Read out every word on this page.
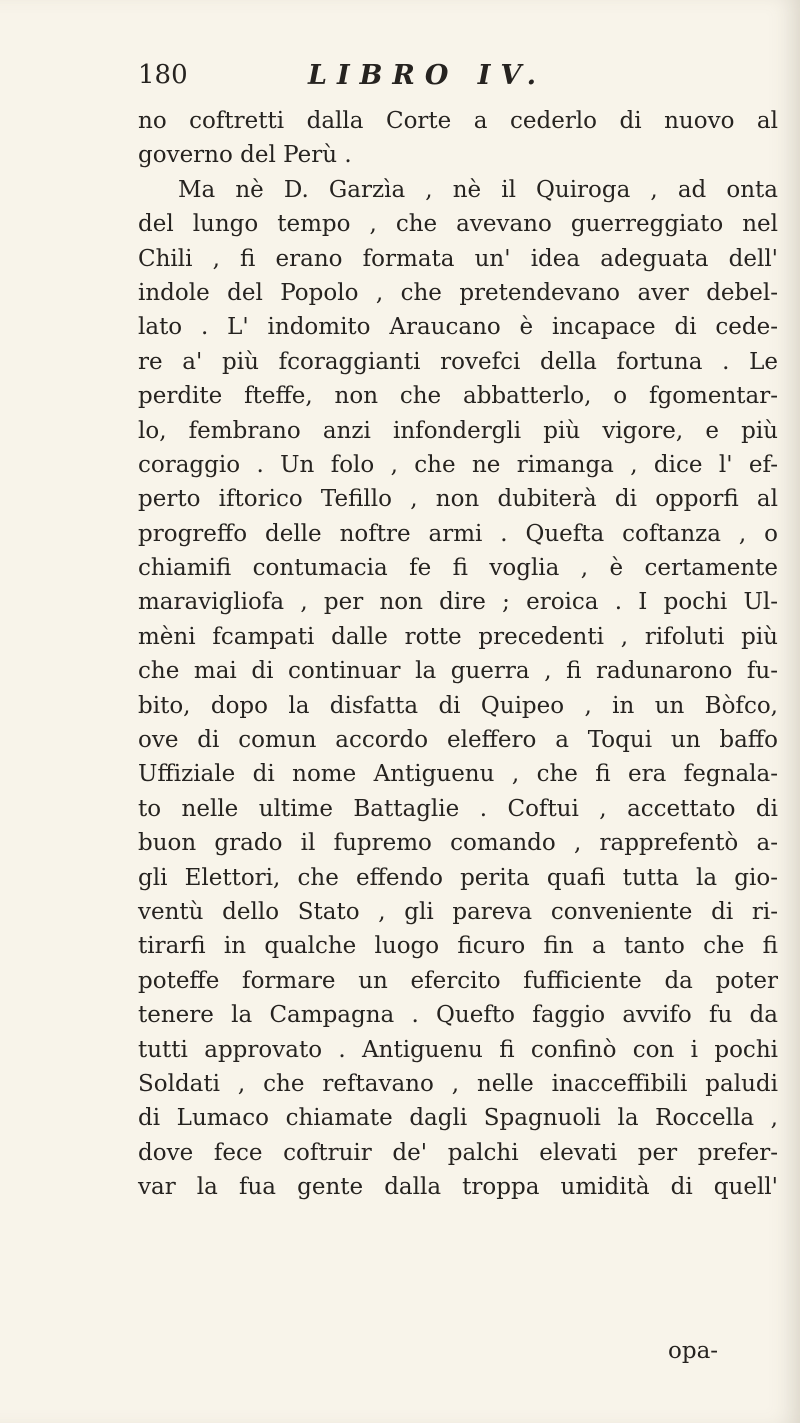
180	LIBRO IV.
no coftretti dalla Corte a cederlo di nuovo al
governo del Perù .
Ma nè D. Garzìa , nè il Quiroga , ad onta
del lungo tempo , che avevano guerreggiato nel
Chili , fi erano formata un' idea adeguata dell'
indole del Popolo , che pretendevano aver debel-
lato . L' indomito Araucano è incapace di cede-
re a' più fcoraggianti rovefci della fortuna . Le
perdite fteffe, non che abbatterlo, o fgomentar-
lo, fembrano anzi infondergli più vigore, e più
coraggio . Un folo , che ne rimanga , dice l' ef-
perto iftorico Tefillo , non dubiterà di opporfi al
progreffo delle noftre armi . Quefta coftanza , o
chiamifi contumacia fe fi voglia , è certamente
maravigliofa , per non dire ; eroica . I pochi Ul-
mèni fcampati dalle rotte precedenti , rifoluti più
che mai di continuar la guerra , fi radunarono fu-
bito, dopo la disfatta di Quipeo , in un Bòfco,
ove di comun accordo eleffero a Toqui un baffo
Uffiziale di nome Antiguenu , che fi era fegnala-
to nelle ultime Battaglie . Coftui , accettato di
buon grado il fupremo comando , rapprefentò a-
gli Elettori, che effendo perita quafi tutta la gio-
ventù dello Stato , gli pareva conveniente di ri-
tirarfi in qualche luogo ficuro fin a tanto che fi
poteffe formare un efercito fufficiente da poter
tenere la Campagna . Quefto faggio avvifo fu da
tutti approvato . Antiguenu fi confinò con i pochi
Soldati , che reftavano , nelle inacceffibili paludi
di Lumaco chiamate dagli Spagnuoli la Roccella ,
dove fece coftruir de' palchi elevati per prefer-
var la fua gente dalla troppa umidità di quell'
opa-
